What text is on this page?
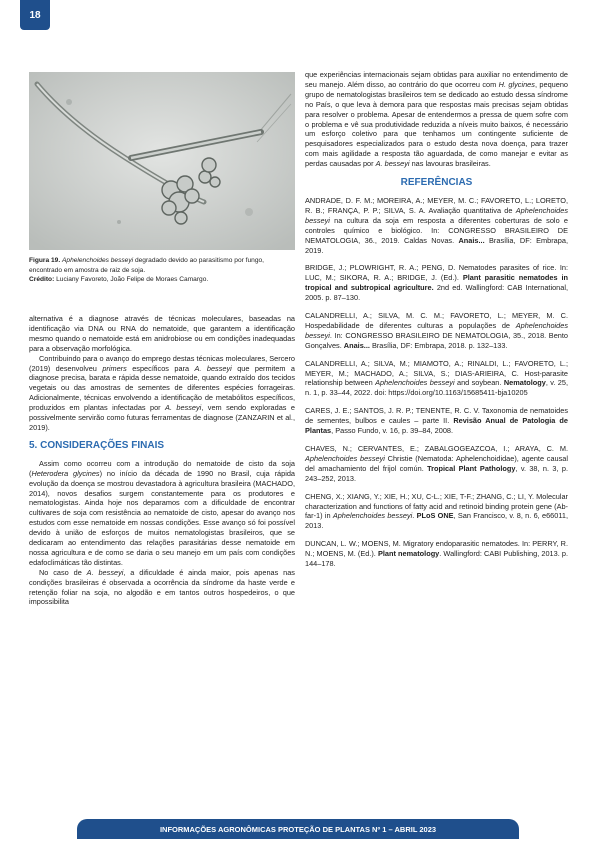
18
Figura 19. Aphelenchoides besseyi degradado devido ao parasitismo por fungo, encontrado em amostra de raiz de soja.
Crédito: Luciany Favoreto, João Felipe de Moraes Camargo.

alternativa é a diagnose através de técnicas moleculares, baseadas na identificação via DNA ou RNA do nematoide, que garantem a identificação mesmo quando o nematoide está em anidrobiose ou em condições inadequadas para a observação morfológica.

Contribuindo para o avanço do emprego destas técnicas moleculares, Sercero (2019) desenvolveu primers específicos para A. besseyi que permitem a diagnose precisa, barata e rápida desse nematoide, quando extraído dos tecidos vegetais ou das amostras de sementes de diferentes espécies forrageiras. Adicionalmente, técnicas envolvendo a identificação de metabólitos específicos, produzidos em plantas infectadas por A. besseyi, vem sendo exploradas e possivelmente servirão como futuras ferramentas de diagnose (ZANZARIN et al., 2019).

5. CONSIDERAÇÕES FINAIS

Assim como ocorreu com a introdução do nematoide de cisto da soja (Heterodera glycines) no início da década de 1990 no Brasil, cuja rápida evolução da doença se mostrou devastadora à agricultura brasileira (MACHADO, 2014), novos desafios surgem constantemente para os produtores e nematologistas. Ainda hoje nos deparamos com a dificuldade de encontrar cultivares de soja com resistência ao nematoide de cisto, apesar do avanço nos estudos com esse nematoide em nossas condições. Esse avanço só foi possível devido à união de esforços de muitos nematologistas brasileiros, que se dedicaram ao entendimento das relações parasitárias desse nematoide em nossa agricultura e de como se daria o seu manejo em um país com condições edafoclimáticas tão distintas.

No caso de A. besseyi, a dificuldade é ainda maior, pois apenas nas condições brasileiras é observada a ocorrência da síndrome da haste verde e retenção foliar na soja, no algodão e em tantos outros hospedeiros, o que impossibilita

que experiências internacionais sejam obtidas para auxiliar no entendimento de seu manejo. Além disso, ao contrário do que ocorreu com H. glycines, pequeno grupo de nematologistas brasileiros tem se dedicado ao estudo dessa síndrome no País, o que leva à demora para que respostas mais precisas sejam obtidas para resolver o problema. Apesar de entendermos a pressa de quem sofre com o problema e vê sua produtividade reduzida a níveis muito baixos, é necessário um esforço coletivo para que tenhamos um contingente suficiente de pesquisadores especializados para o estudo desta nova doença, para trazer com mais agilidade a resposta tão aguardada, de como manejar e evitar as perdas causadas por A. besseyi nas lavouras brasileiras.

REFERÊNCIAS

ANDRADE, D. F. M.; MOREIRA, A.; MEYER, M. C.; FAVORETO, L.; LORETO, R. B.; FRANÇA, P. P.; SILVA, S. A. Avaliação quantitativa de Aphelenchoides besseyi na cultura da soja em resposta a diferentes coberturas de solo e controles químico e biológico. In: CONGRESSO BRASILEIRO DE NEMATOLOGIA, 36., 2019. Caldas Novas. Anais... Brasília, DF: Embrapa, 2019.

BRIDGE, J.; PLOWRIGHT, R. A.; PENG, D. Nematodes parasites of rice. In: LUC, M.; SIKORA, R. A.; BRIDGE, J. (Ed.). Plant parasitic nematodes in tropical and subtropical agriculture. 2nd ed. Wallingford: CAB International, 2005. p. 87–130.

CALANDRELLI, A.; SILVA, M. C. M.; FAVORETO, L.; MEYER, M. C. Hospedabilidade de diferentes culturas a populações de Aphelenchoides besseyi. In: CONGRESSO BRASILEIRO DE NEMATOLOGIA, 35., 2018. Bento Gonçalves. Anais... Brasília, DF: Embrapa, 2018. p. 132–133.

CALANDRELLI, A.; SILVA, M.; MIAMOTO, A.; RINALDI, L.; FAVORETO, L.; MEYER, M.; MACHADO, A.; SILVA, S.; DIAS-ARIEIRA, C. Host-parasite relationship between Aphelenchoides besseyi and soybean. Nematology, v. 25, n. 1, p. 33–44, 2022. doi: https://doi.org/10.1163/15685411-bja10205

CARES, J. E.; SANTOS, J. R. P.; TENENTE, R. C. V. Taxonomia de nematoides de sementes, bulbos e caules – parte II. Revisão Anual de Patologia de Plantas, Passo Fundo, v. 16, p. 39–84, 2008.

CHAVES, N.; CERVANTES, E.; ZABALGOGEAZCOA, I.; ARAYA, C. M. Aphelenchoides besseyi Christie (Nematoda: Aphelenchoididae), agente causal del amachamiento del frijol común. Tropical Plant Pathology, v. 38, n. 3, p. 243–252, 2013.

CHENG, X.; XIANG, Y.; XIE, H.; XU, C-L.; XIE, T-F.; ZHANG, C.; LI, Y. Molecular characterization and functions of fatty acid and retinoid binding protein gene (Ab-far-1) in Aphelenchoides besseyi. PLoS ONE, San Francisco, v. 8, n. 6, e66011, 2013.

DUNCAN, L. W.; MOENS, M. Migratory endoparasitic nematodes. In: PERRY, R. N.; MOENS, M. (Ed.). Plant nematology. Wallingford: CABI Publishing, 2013. p. 144–178.

INFORMAÇÕES AGRONÔMICAS PROTEÇÃO DE PLANTAS Nº 1 – ABRIL 2023
